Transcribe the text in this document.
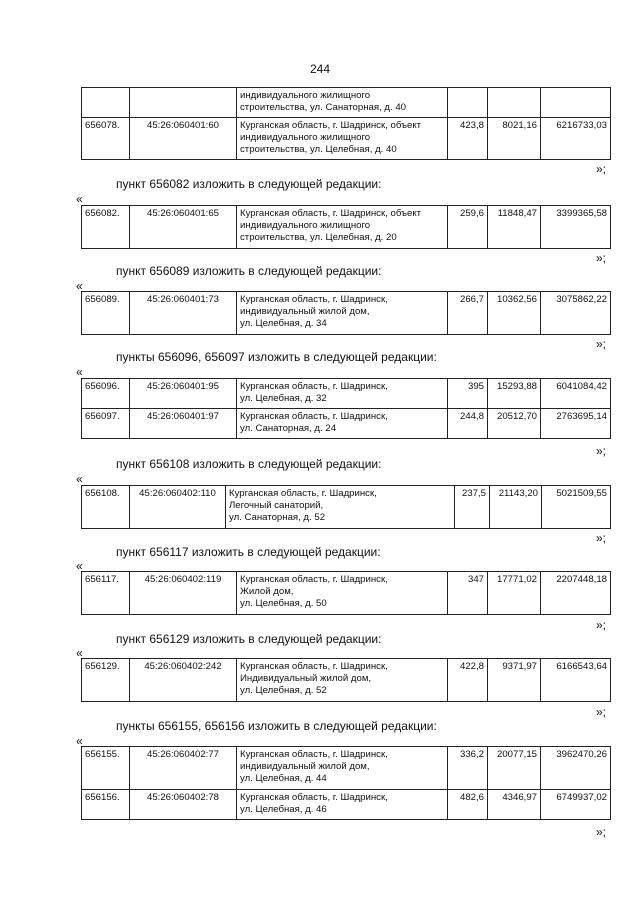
244

		индивидуального жилищного
строительства, ул. Санаторная, д. 40			

656078.	45:26:060401:60	Курганская область, г. Шадринск, объект
индивидуального жилищного
строительства, ул. Целебная, д. 40	423,8	8021,16	6216733,03
»;
пункт 656082 изложить в следующей редакции:
«
656082.	45:26:060401:65	Курганская область, г. Шадринск, объект
индивидуального жилищного
строительства, ул. Целебная, д. 20
	259,6	11848,47	3399365,58
»;
пункт 656089 изложить в следующей редакции:
«
656089.	45:26:060401:73	Курганская область, г. Шадринск,
индивидуальный жилой дом,
ул. Целебная, д. 34
	266,7	10362,56	3075862,22
»;
пункты 656096, 656097 изложить в следующей редакции:
«
656096.	45:26:060401:95	Курганская область, г. Шадринск,
ул. Целебная, д. 32	395	15293,88	6041084,42
656097.	45:26:060401:97	Курганская область, г. Шадринск,
ул. Санаторная, д. 24	244,8	20512,70	2763695,14
»;
пункт 656108 изложить в следующей редакции:
«
656108.	45:26:060402:110	Курганская область, г. Шадринск,
Легочный санаторий,
ул. Санаторная, д. 52
	237,5	21143,20	5021509,55
»;
пункт 656117 изложить в следующей редакции:
«
656117.	45:26:060402:119	Курганская область, г. Шадринск,
Жилой дом,
ул. Целебная, д. 50
	347	17771,02	2207448,18
»;
пункт 656129 изложить в следующей редакции:
«
656129.	45:26:060402:242	Курганская область, г. Шадринск,
Индивидуальный жилой дом,
ул. Целебная, д. 52
	422,8	9371,97	6166543,64
»;
пункты 656155, 656156 изложить в следующей редакции:
«
656155.	45:26:060402:77	Курганская область, г. Шадринск,
индивидуальный жилой дом,
ул. Целебная, д. 44	336,2	20077,15	3962470,26
656156.	45:26:060402:78	Курганская область, г. Шадринск,
ул. Целебная, д. 46	482,6	4346,97	6749937,02
»;
